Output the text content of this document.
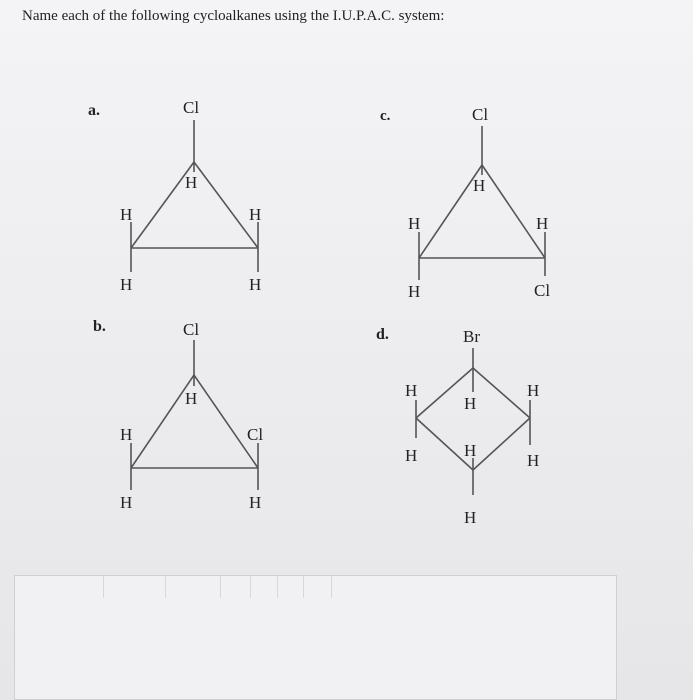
Name each of the following cycloalkanes using the I.U.P.A.C. system:
a.
b.
c.
d.
Cl
H
H
H
H
H
Cl
H
H
H
Cl
H
Cl
H
H
H
H
Cl
Br
H
H
H
H	H
H
H
